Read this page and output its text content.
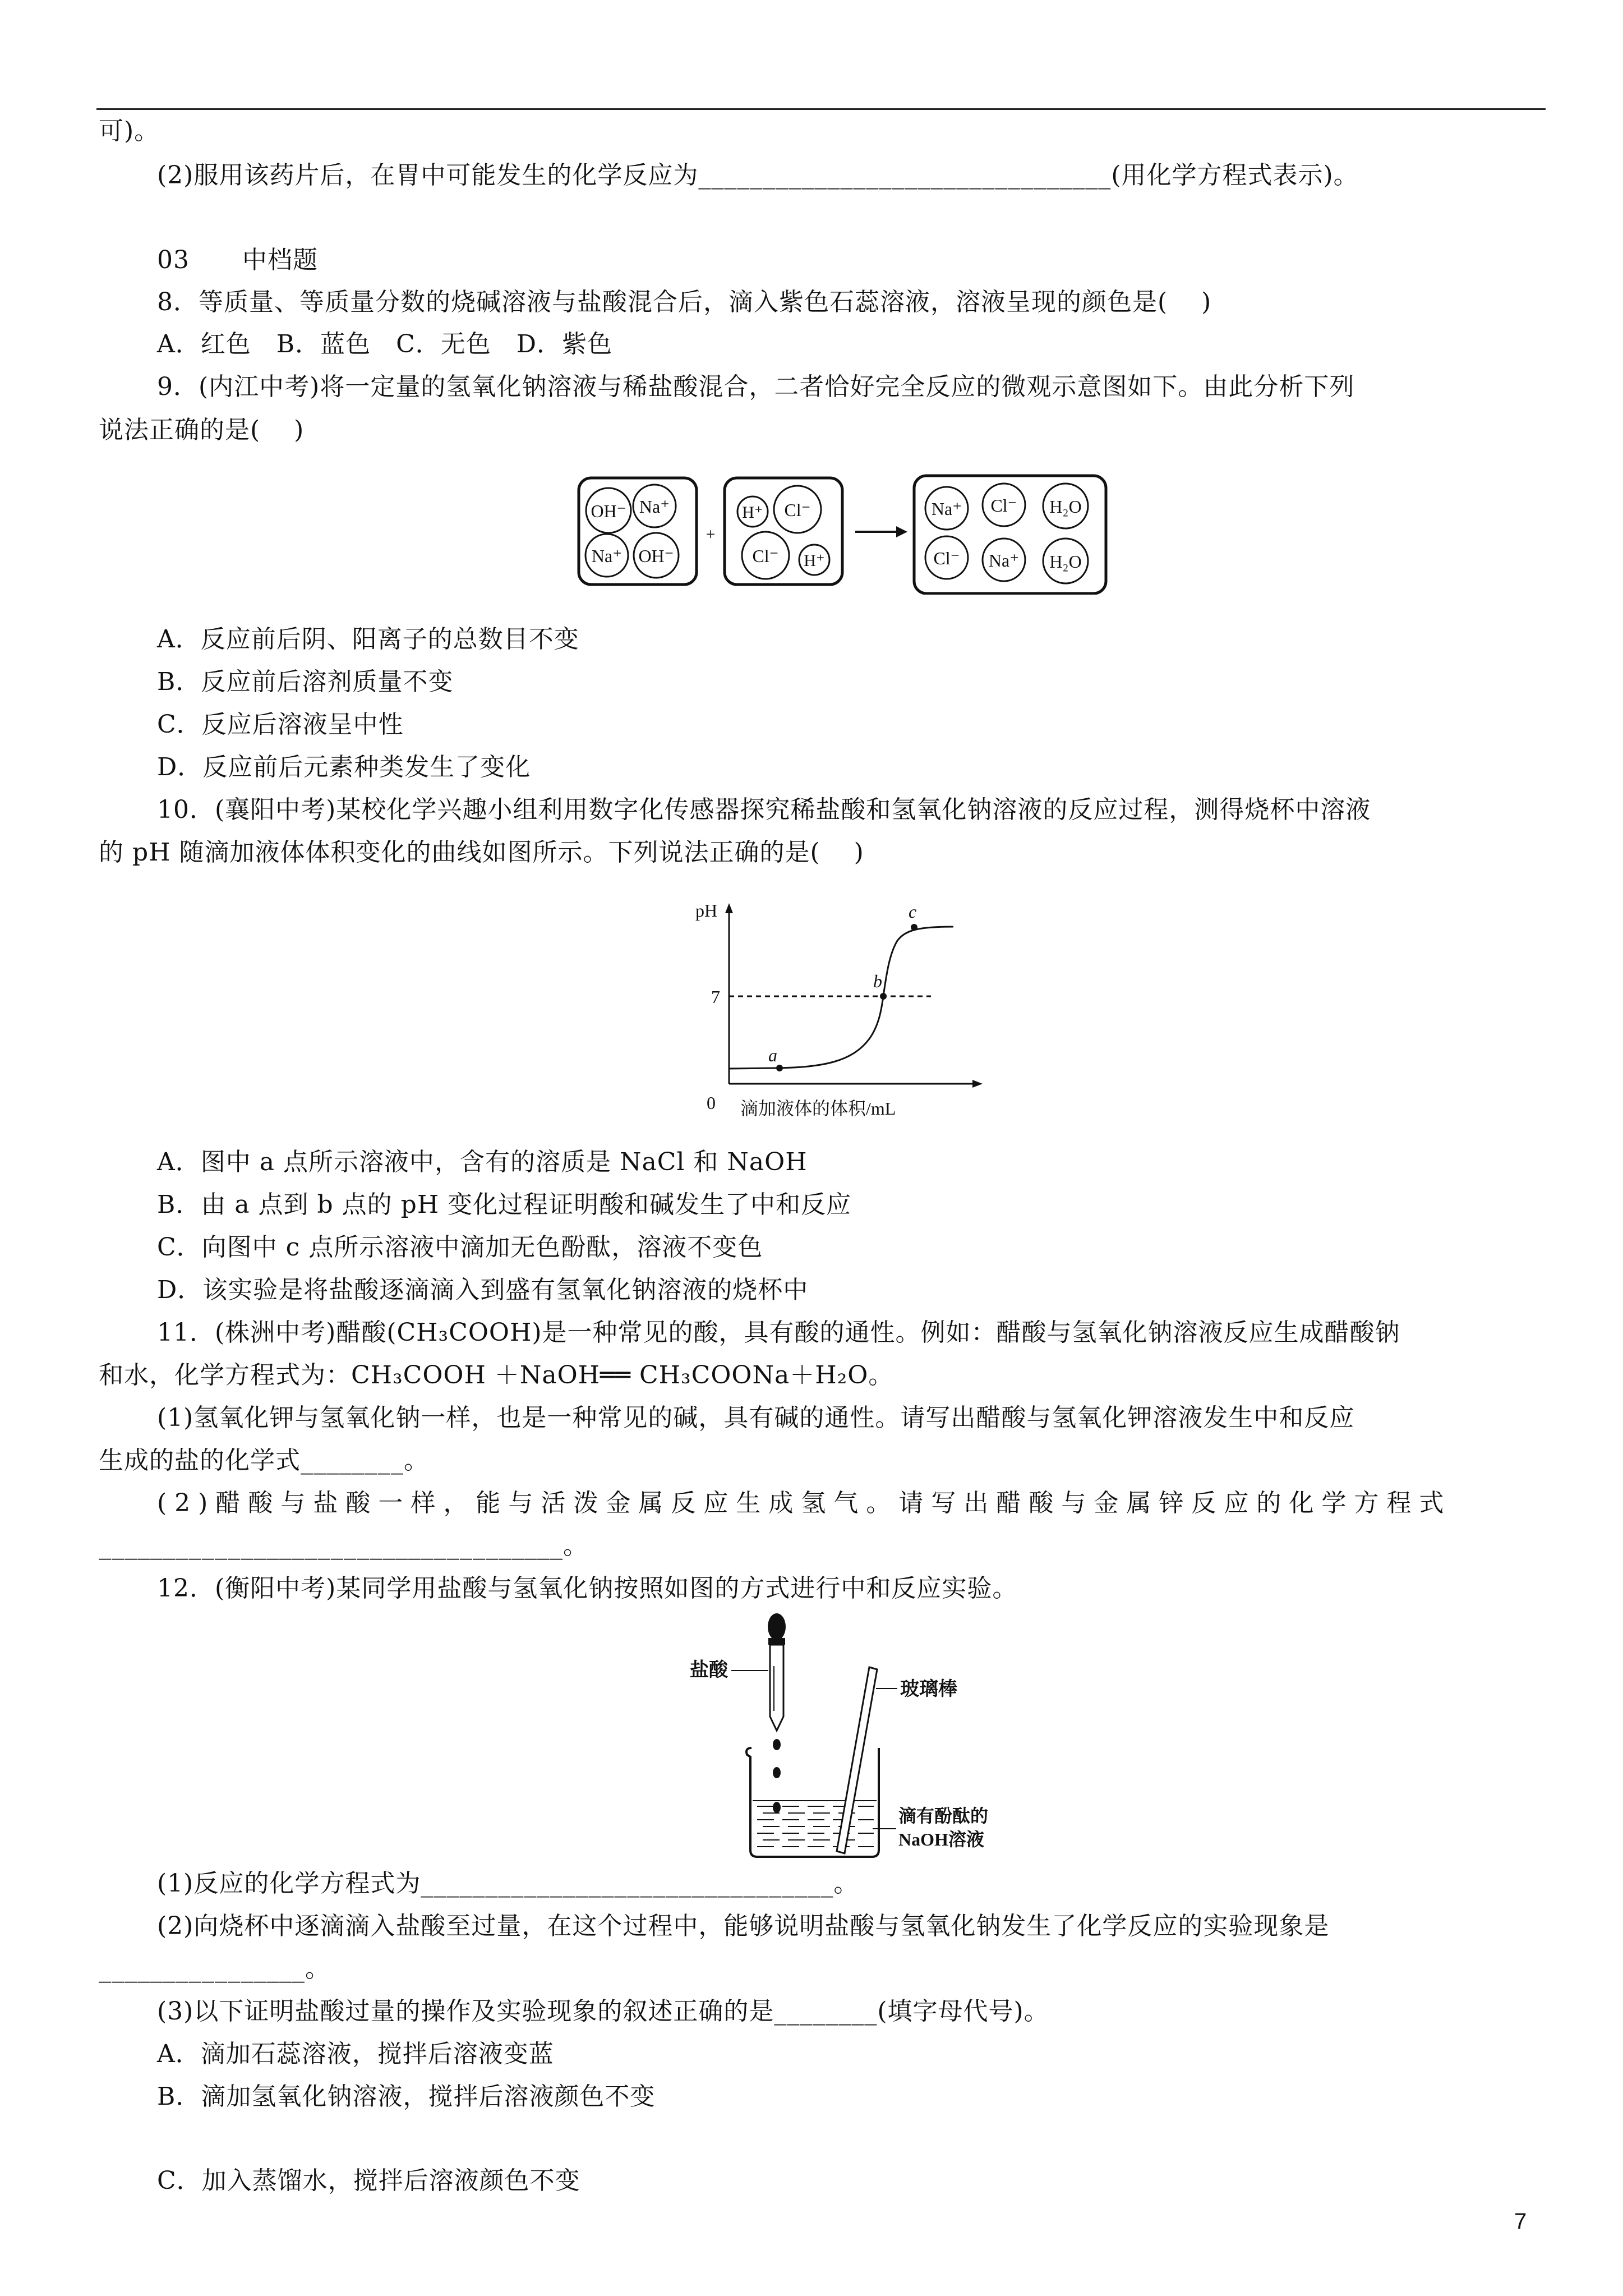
可)。
(2)服用该药片后，在胃中可能发生的化学反应为________________________________(用化学方程式表示)。
03 中档题
8．等质量、等质量分数的烧碱溶液与盐酸混合后，滴入紫色石蕊溶液，溶液呈现的颜色是(　 )
A．红色　B．蓝色　C．无色　D．紫色
9．(内江中考)将一定量的氢氧化钠溶液与稀盐酸混合，二者恰好完全反应的微观示意图如下。由此分析下列
说法正确的是(　 )
OH⁻ Na⁺
Na⁺ OH⁻
+
H⁺ Cl⁻
Cl⁻ H⁺
Na⁺ Cl⁻ H₂O
Cl⁻ Na⁺ H₂O
A．反应前后阴、阳离子的总数目不变
B．反应前后溶剂质量不变
C．反应后溶液呈中性
D．反应前后元素种类发生了变化
10．(襄阳中考)某校化学兴趣小组利用数字化传感器探究稀盐酸和氢氧化钠溶液的反应过程，测得烧杯中溶液
的 pH 随滴加液体体积变化的曲线如图所示。下列说法正确的是(　 )
pH
0
7
a
b
c
滴加液体的体积/mL
A．图中 a 点所示溶液中，含有的溶质是 NaCl 和 NaOH
B．由 a 点到 b 点的 pH 变化过程证明酸和碱发生了中和反应
C．向图中 c 点所示溶液中滴加无色酚酞，溶液不变色
D．该实验是将盐酸逐滴滴入到盛有氢氧化钠溶液的烧杯中
11．(株洲中考)醋酸(CH₃COOH)是一种常见的酸，具有酸的通性。例如：醋酸与氢氧化钠溶液反应生成醋酸钠
和水，化学方程式为：CH₃COOH ＋NaOH══ CH₃COONa＋H₂O。
(1)氢氧化钾与氢氧化钠一样，也是一种常见的碱，具有碱的通性。请写出醋酸与氢氧化钾溶液发生中和反应
生成的盐的化学式________。
(2)醋酸与盐酸一样，能与活泼金属反应生成氢气。请写出醋酸与金属锌反应的化学方程式
____________________________________。
12．(衡阳中考)某同学用盐酸与氢氧化钠按照如图的方式进行中和反应实验。
盐酸
玻璃棒
滴有酚酞的
NaOH溶液
(1)反应的化学方程式为________________________________。
(2)向烧杯中逐滴滴入盐酸至过量，在这个过程中，能够说明盐酸与氢氧化钠发生了化学反应的实验现象是
________________。
(3)以下证明盐酸过量的操作及实验现象的叙述正确的是________(填字母代号)。
A．滴加石蕊溶液，搅拌后溶液变蓝
B．滴加氢氧化钠溶液，搅拌后溶液颜色不变
C．加入蒸馏水，搅拌后溶液颜色不变
7
